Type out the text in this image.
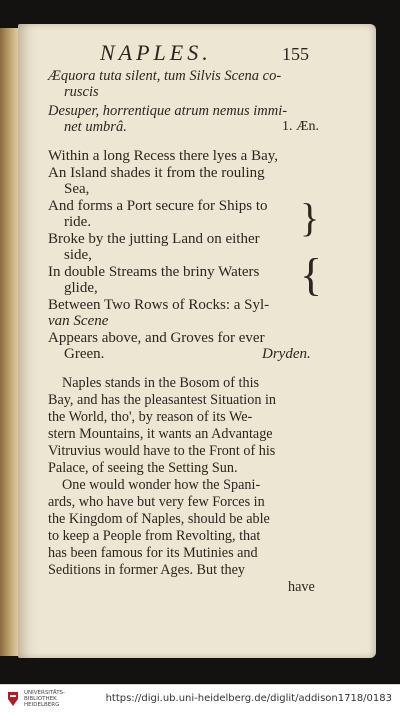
NAPLES.	155
Æquora tuta silent, tum Silvis Scena co-
ruscis
Desuper, horrentique atrum nemus immi-
net umbrâ.	1. Æn.
Within a long Recess there lyes a Bay,
An Island shades it from the rouling
Sea,
And forms a Port secure for Ships to
ride.
Broke by the jutting Land on either
side,
In double Streams the briny Waters
glide,
Between Two Rows of Rocks: a Syl-
van Scene
Appears above, and Groves for ever
Green.	Dryden.
}
{
Naples stands in the Bosom of this
Bay, and has the pleasantest Situation in
the World, tho', by reason of its We-
stern Mountains, it wants an Advantage
Vitruvius would have to the Front of his
Palace, of seeing the Setting Sun.
One would wonder how the Spani-
ards, who have but very few Forces in
the Kingdom of Naples, should be able
to keep a People from Revolting, that
has been famous for its Mutinies and
Seditions in former Ages. But they
have
UNIVERSITÄTS-
BIBLIOTHEK
HEIDELBERG
https://digi.ub.uni-heidelberg.de/diglit/addison1718/0183
